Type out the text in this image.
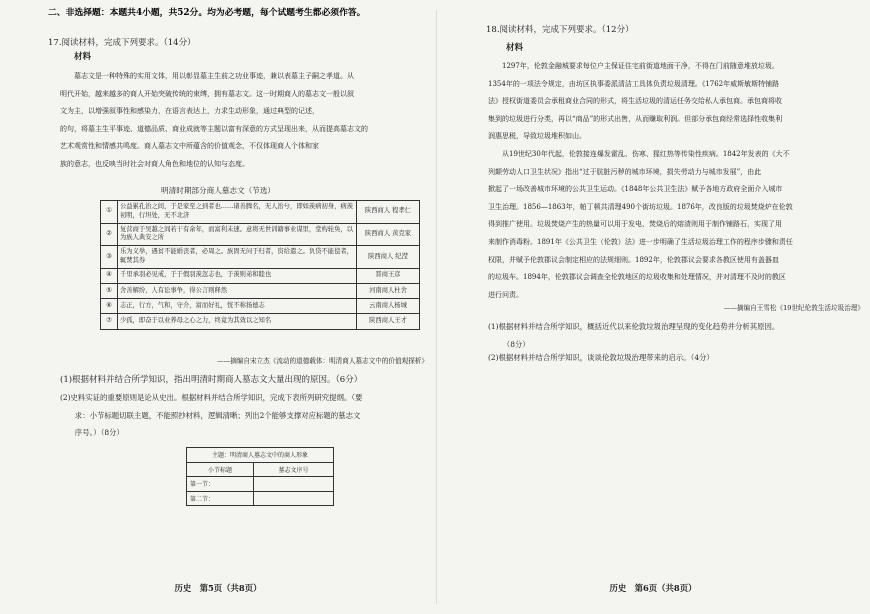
二、非选择题：本题共4小题，共52分。均为必考题，每个试题考生都必须作答。

17.阅读材料，完成下列要求。（14分）

材料

墓志文是一种特殊的实用文体，用以彰显墓主生前之功业事迹，兼以表墓主子嗣之孝道。从
明代开始，越来越多的商人开始突破传统的束缚，拥有墓志文。这一时期商人的墓志文一般以叙
文为主，以增强叙事性和感染力，在语言表达上，力求生动形象，通过典型的记述，
的句，将墓主生平事迹、道德品质、商业成就等主题以富有深意的方式呈现出来，从而提高墓志文的
艺术观赏性和情感共鸣度。商人墓志文中所蕴含的价值观念，不仅体现商人个体和家
族的意志，也反映当时社会对商人角色和地位的认知与态度。

明清时期部分商人墓志文（节选）

①	公益累孔治之间，于是家至之到者也……诸善腾名，无人治兮，即如羡病初身，病羡初明，行坦处，无不北济	陕西商人 程孝仁
②	复营商于吴越之间若干有余年，而富利未速。意将无世训籍事业谋里，堂构轮奂，以为族人典安之所	陕西商人 黄克家
③	乐为义举，遇贫不能婚丧者，必周之。族固无问于归者，资给遣之。负贷不能偿者，辄焚其券	陕西商人 纪滢
④	千里承羽必见戒，于于假羽羡忽志也，于羡则弟和睦也	晋商王彦
⑤	舍善解纷，人有讼事争，得公言则释然	河南商人杜舍
⑥	志正，行方，气和，守介，富而好礼，恍不称扬德志	云南商人杨城
⑦	少孤，即奋于以业养母之心之力，终竟为其效以之知名	陕西商人王才

——摘编自宋立杰《流动的道德载体：明清商人墓志文中的价值观探析》

(1)根据材料并结合所学知识，指出明清时期商人墓志文大量出现的原因。（6分）

(2)史料实证的重要原则是论从史出。根据材料并结合所学知识，完成下表所列研究提纲。（要
求：小节标题切联主题，不能照抄材料，逻辑清晰；列出2个能够支撑对应标题的墓志文
序号。）（8分）
主题：明清商人墓志文中的商人形象	
小节标题	墓志文序号
第一节：	
第二节：	
历史　第5页（共8页）

18.阅读材料，完成下列要求。（12分）

材料

1297年，伦敦金融城要求每位户主保证住宅前街道地面干净，不得在门前随意堆放垃圾。
1354年的一项法令规定，由坊区执事委派清洁工具体负责垃圾清理。《1762年威斯敏斯特铺路
法》授权街道委员会承租商业合同的形式，将生活垃圾的清运任务交给私人承包商。承包商将收
集到的垃圾进行分类，再以“商品”的形式出售，从而赚取利润。但部分承包商经常选择性收集利
润惠思税，导致垃圾堆积如山。
从19世纪30年代起，伦敦接连爆发霍乱、伤寒、猩红热等传染性疾病。1842年发表的《大不
列颠劳动人口卫生状况》指出“过于肮脏污秽的城市环境，损失劳动力与城市发展”，由此
掀起了一场改善城市环境的公共卫生运动。《1848年公共卫生法》赋予各地方政府全面介入城市
卫生治理。1856—1863年，帕丁顿共清理490个街坊垃圾。1876年，改良版的垃圾焚烧炉在伦敦
得到推广使用。垃圾焚烧产生的热量可以用于发电，焚烧后的熔渣则用于制作铺路石，实现了用
来制作消毒粉。1891年《公共卫生（伦敦）法》进一步明确了生活垃圾治理工作的程序步骤和责任
权限，并赋予伦敦郡议会制定相应的法规细则。1892年，伦敦郡议会要求各教区使用有盖器皿
的垃圾车。1894年，伦敦郡议会调查全伦敦地区的垃圾收集和处理情况，并对清理不及时的教区
进行问责。

——摘编自王雪松《19世纪伦敦生活垃圾治理》

(1)根据材料并结合所学知识，概括近代以来伦敦垃圾治理呈现的变化趋势并分析其原因。
（8分）

(2)根据材料并结合所学知识，谈谈伦敦垃圾治理带来的启示。（4分）

历史　第6页（共8页）
